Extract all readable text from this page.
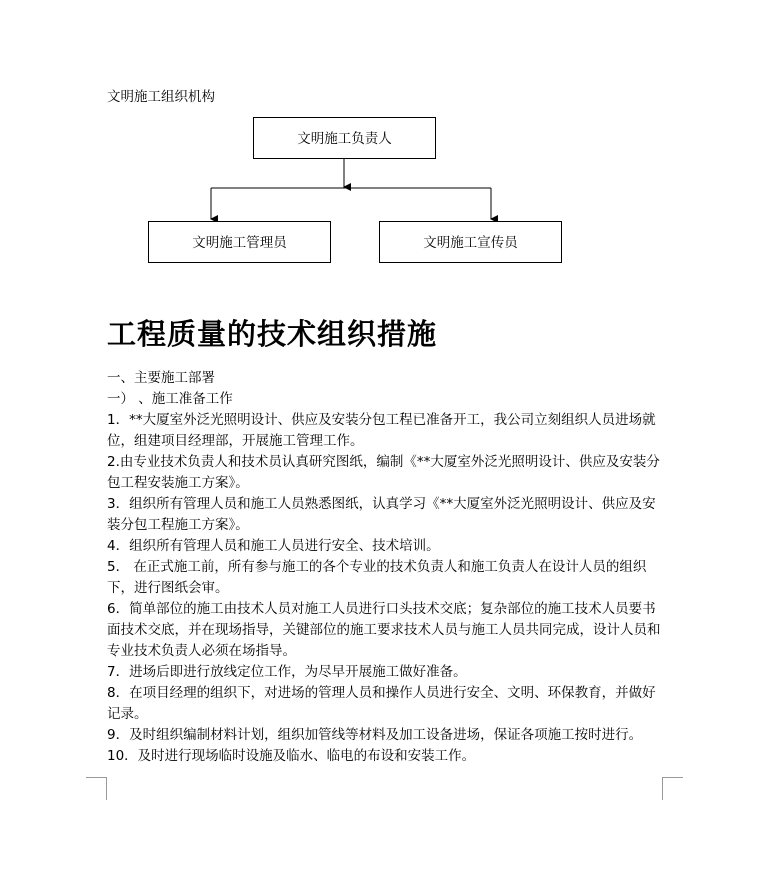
文明施工组织机构
文明施工负责人
文明施工管理员	文明施工宣传员
工程质量的技术组织措施

一、主要施工部署

一） 、施工准备工作

1．**大厦室外泛光照明设计、供应及安装分包工程已准备开工，我公司立刻组织人员进场就位，组建项目经理部，开展施工管理工作。

2.由专业技术负责人和技术员认真研究图纸，编制《**大厦室外泛光照明设计、供应及安装分包工程安装施工方案》。

3．组织所有管理人员和施工人员熟悉图纸，认真学习《**大厦室外泛光照明设计、供应及安装分包工程施工方案》。

4．组织所有管理人员和施工人员进行安全、技术培训。

5． 在正式施工前，所有参与施工的各个专业的技术负责人和施工负责人在设计人员的组织下，进行图纸会审。

6．简单部位的施工由技术人员对施工人员进行口头技术交底；复杂部位的施工技术人员要书面技术交底，并在现场指导，关键部位的施工要求技术人员与施工人员共同完成，设计人员和专业技术负责人必须在场指导。

7．进场后即进行放线定位工作，为尽早开展施工做好准备。

8．在项目经理的组织下，对进场的管理人员和操作人员进行安全、文明、环保教育，并做好记录。

9．及时组织编制材料计划，组织加管线等材料及加工设备进场，保证各项施工按时进行。

10．及时进行现场临时设施及临水、临电的布设和安装工作。
